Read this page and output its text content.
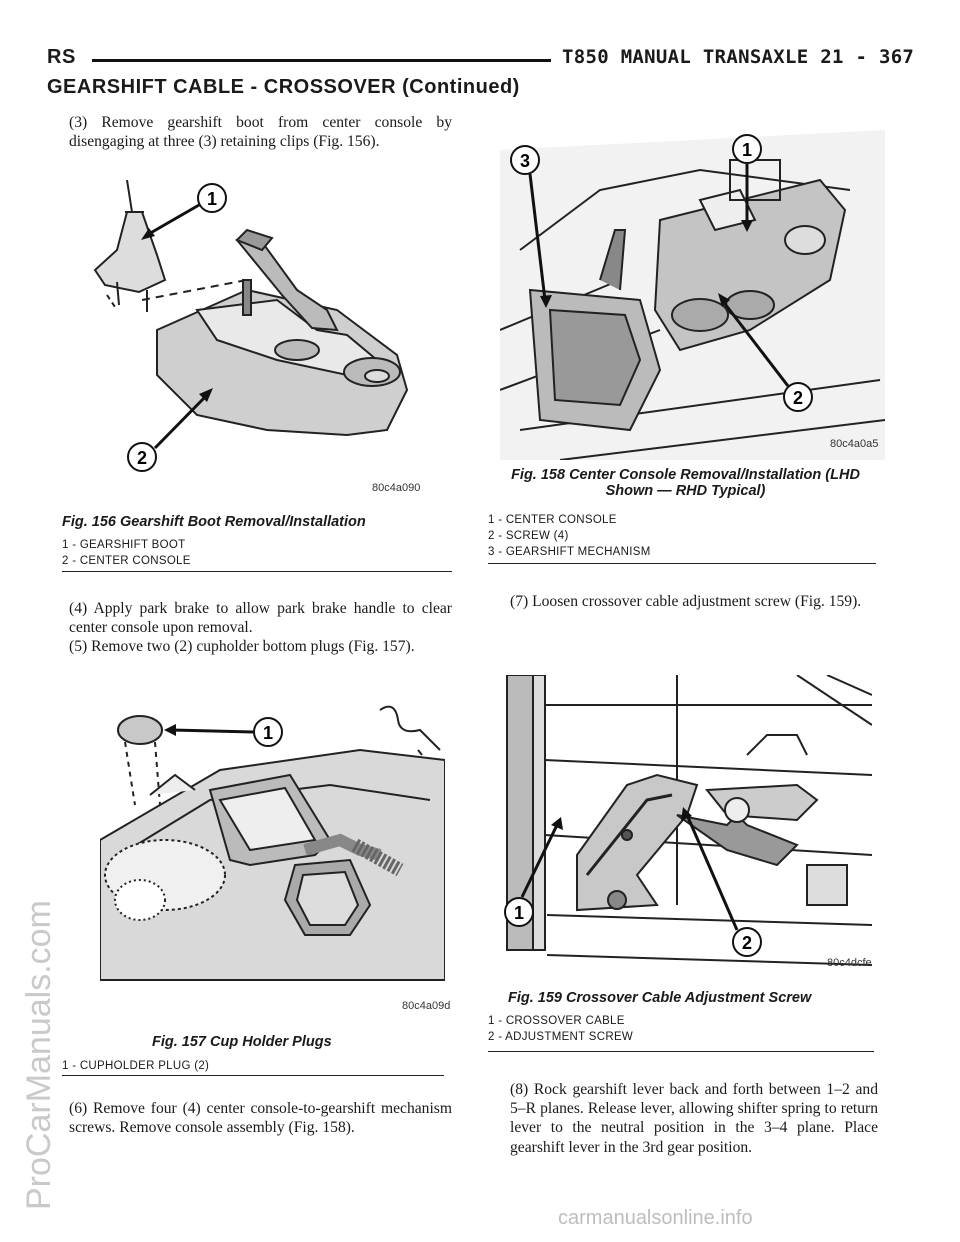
RS	T850 MANUAL TRANSAXLE 21 - 367
GEARSHIFT CABLE - CROSSOVER (Continued)
(3) Remove gearshift boot from center console by disengaging at three (3) retaining clips (Fig. 156).
1
2
80c4a090
Fig. 156 Gearshift Boot Removal/Installation
1 - GEARSHIFT BOOT
2 - CENTER CONSOLE
(4) Apply park brake to allow park brake handle to clear center console upon removal.
(5) Remove two (2) cupholder bottom plugs (Fig. 157).
1
80c4a09d
Fig. 157 Cup Holder Plugs
1 - CUPHOLDER PLUG (2)
(6) Remove four (4) center console-to-gearshift mechanism screws. Remove console assembly (Fig. 158).
1
3
2
80c4a0a5
Fig. 158 Center Console Removal/Installation (LHD
Shown — RHD Typical)
1 - CENTER CONSOLE
2 - SCREW (4)
3 - GEARSHIFT MECHANISM
(7) Loosen crossover cable adjustment screw (Fig. 159).
1
2
80c4dcfe
Fig. 159 Crossover Cable Adjustment Screw
1 - CROSSOVER CABLE
2 - ADJUSTMENT SCREW
(8) Rock gearshift lever back and forth between 1–2 and 5–R planes. Release lever, allowing shifter spring to return lever to the neutral position in the 3–4 plane. Place gearshift lever in the 3rd gear position.
ProCarManuals.com
carmanualsonline.info
